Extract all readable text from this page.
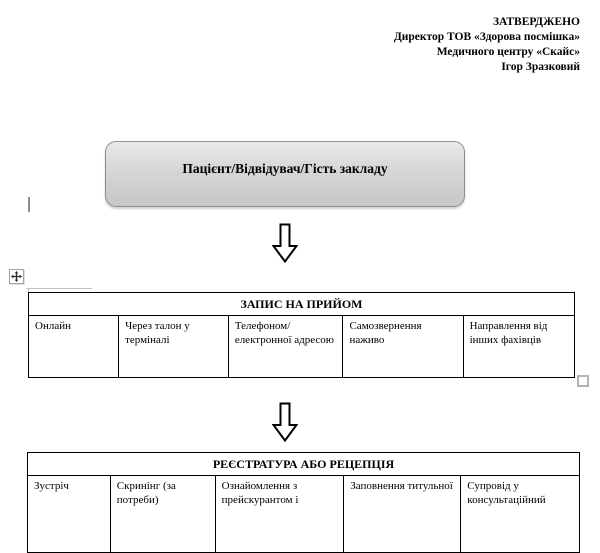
ЗАТВЕРДЖЕНО
Директор ТОВ «Здорова посмішка»
Медичного центру «Скайс»
Ігор Зразковий
Пацієнт/Відвідувач/Гість закладу
ЗАПИС НА ПРИЙОМ
Онлайн	Через талон у терміналі	Телефоном/ електронної адресою	Самозвернення наживо	Направлення від інших фахівців
РЕЄСТРАТУРА АБО РЕЦЕПЦІЯ
Зустріч	Скринінг (за потреби)	Ознайомлення з прейскурантом і	Заповнення титульної	Супровід у консультаційний
